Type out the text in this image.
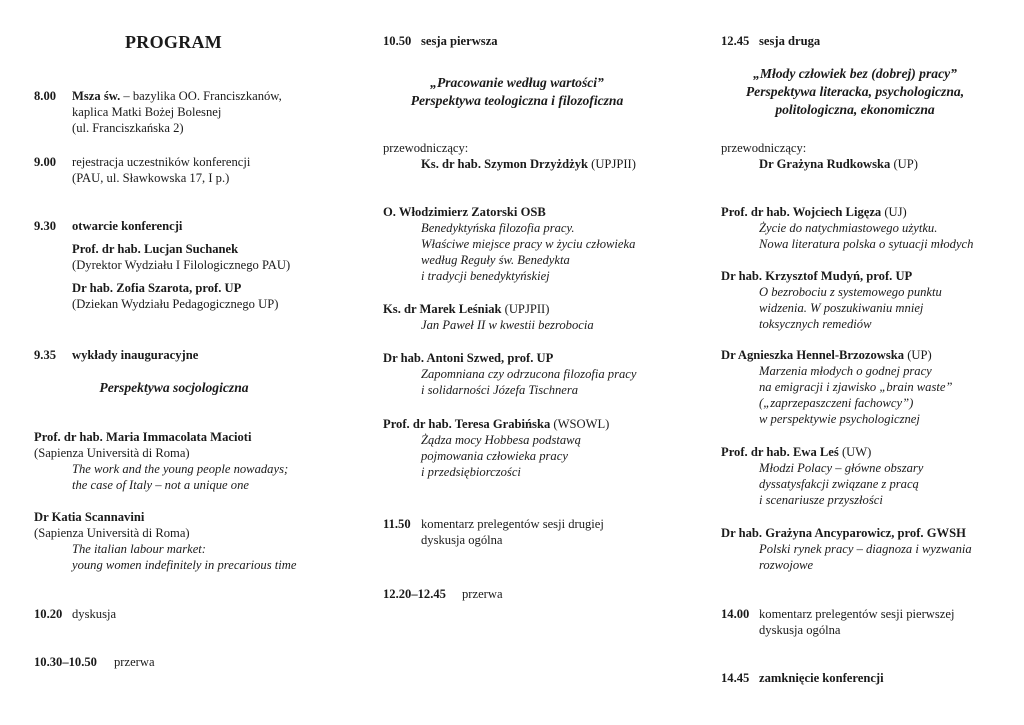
PROGRAM
8.00 Msza św. – bazylika OO. Franciszkanów,
kaplica Matki Bożej Bolesnej
(ul. Franciszkańska 2)
9.00 rejestracja uczestników konferencji
(PAU, ul. Sławkowska 17, I p.)
9.30 otwarcie konferencji
Prof. dr hab. Lucjan Suchanek
(Dyrektor Wydziału I Filologicznego PAU)
Dr hab. Zofia Szarota, prof. UP
(Dziekan Wydziału Pedagogicznego UP)
9.35 wykłady inauguracyjne
Perspektywa socjologiczna
Prof. dr hab. Maria Immacolata Macioti
(Sapienza Università di Roma)
The work and the young people nowadays;
the case of Italy – not a unique one
Dr Katia Scannavini
(Sapienza Università di Roma)
The italian labour market:
young women indefinitely in precarious time
10.20 dyskusja
10.30–10.50 przerwa
10.50 sesja pierwsza
„Pracowanie według wartości”
Perspektywa teologiczna i filozoficzna
przewodniczący:
Ks. dr hab. Szymon Drzyżdżyk (UPJPII)
O. Włodzimierz Zatorski OSB
Benedyktyńska filozofia pracy.
Właściwe miejsce pracy w życiu człowieka
według Reguły św. Benedykta
i tradycji benedyktyńskiej
Ks. dr Marek Leśniak (UPJPII)
Jan Paweł II w kwestii bezrobocia
Dr hab. Antoni Szwed, prof. UP
Zapomniana czy odrzucona filozofia pracy
i solidarności Józefa Tischnera
Prof. dr hab. Teresa Grabińska (WSOWL)
Żądza mocy Hobbesa podstawą
pojmowania człowieka pracy
i przedsiębiorczości
11.50 komentarz prelegentów sesji drugiej
dyskusja ogólna
12.20–12.45 przerwa
12.45 sesja druga
„Młody człowiek bez (dobrej) pracy”
Perspektywa literacka, psychologiczna,
politologiczna, ekonomiczna
przewodniczący:
Dr Grażyna Rudkowska (UP)
Prof. dr hab. Wojciech Ligęza (UJ)
Życie do natychmiastowego użytku.
Nowa literatura polska o sytuacji młodych
Dr hab. Krzysztof Mudyń, prof. UP
O bezrobociu z systemowego punktu
widzenia. W poszukiwaniu mniej
toksycznych remediów
Dr Agnieszka Hennel-Brzozowska (UP)
Marzenia młodych o godnej pracy
na emigracji i zjawisko „brain waste”
(„zaprzepaszczeni fachowcy”)
w perspektywie psychologicznej
Prof. dr hab. Ewa Leś (UW)
Młodzi Polacy – główne obszary
dyssatysfakcji związane z pracą
i scenariusze przyszłości
Dr hab. Grażyna Ancyparowicz, prof. GWSH
Polski rynek pracy – diagnoza i wyzwania
rozwojowe
14.00 komentarz prelegentów sesji pierwszej
dyskusja ogólna
14.45 zamknięcie konferencji
